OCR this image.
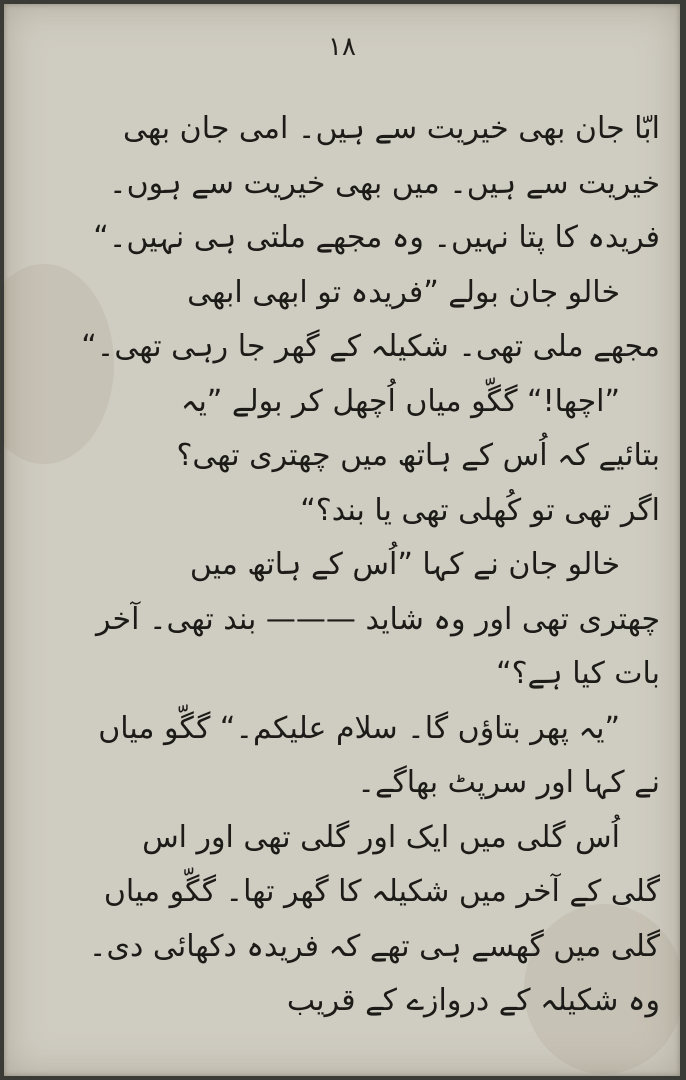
۱۸
ابّا جان بھی خیریت سے ہیں۔ امی جان بھی
خیریت سے ہیں۔ میں بھی خیریت سے ہوں۔
فریدہ کا پتا نہیں۔ وہ مجھے ملتی ہی نہیں۔“
خالو جان بولے ”فریدہ تو ابھی ابھی
مجھے ملی تھی۔ شکیلہ کے گھر جا رہی تھی۔“
”اچھا!“ گگّو میاں اُچھل کر بولے ”یہ
بتائیے کہ اُس کے ہاتھ میں چھتری تھی؟
اگر تھی تو کُھلی تھی یا بند؟“
خالو جان نے کہا ”اُس کے ہاتھ میں
چھتری تھی اور وہ شاید ——— بند تھی۔ آخر
بات کیا ہے؟“
”یہ پھر بتاؤں گا۔ سلام علیکم۔“ گگّو میاں
نے کہا اور سرپٹ بھاگے۔
اُس گلی میں ایک اور گلی تھی اور اس
گلی کے آخر میں شکیلہ کا گھر تھا۔ گگّو میاں
گلی میں گھسے ہی تھے کہ فریدہ دکھائی دی۔
وہ شکیلہ کے دروازے کے قریب
